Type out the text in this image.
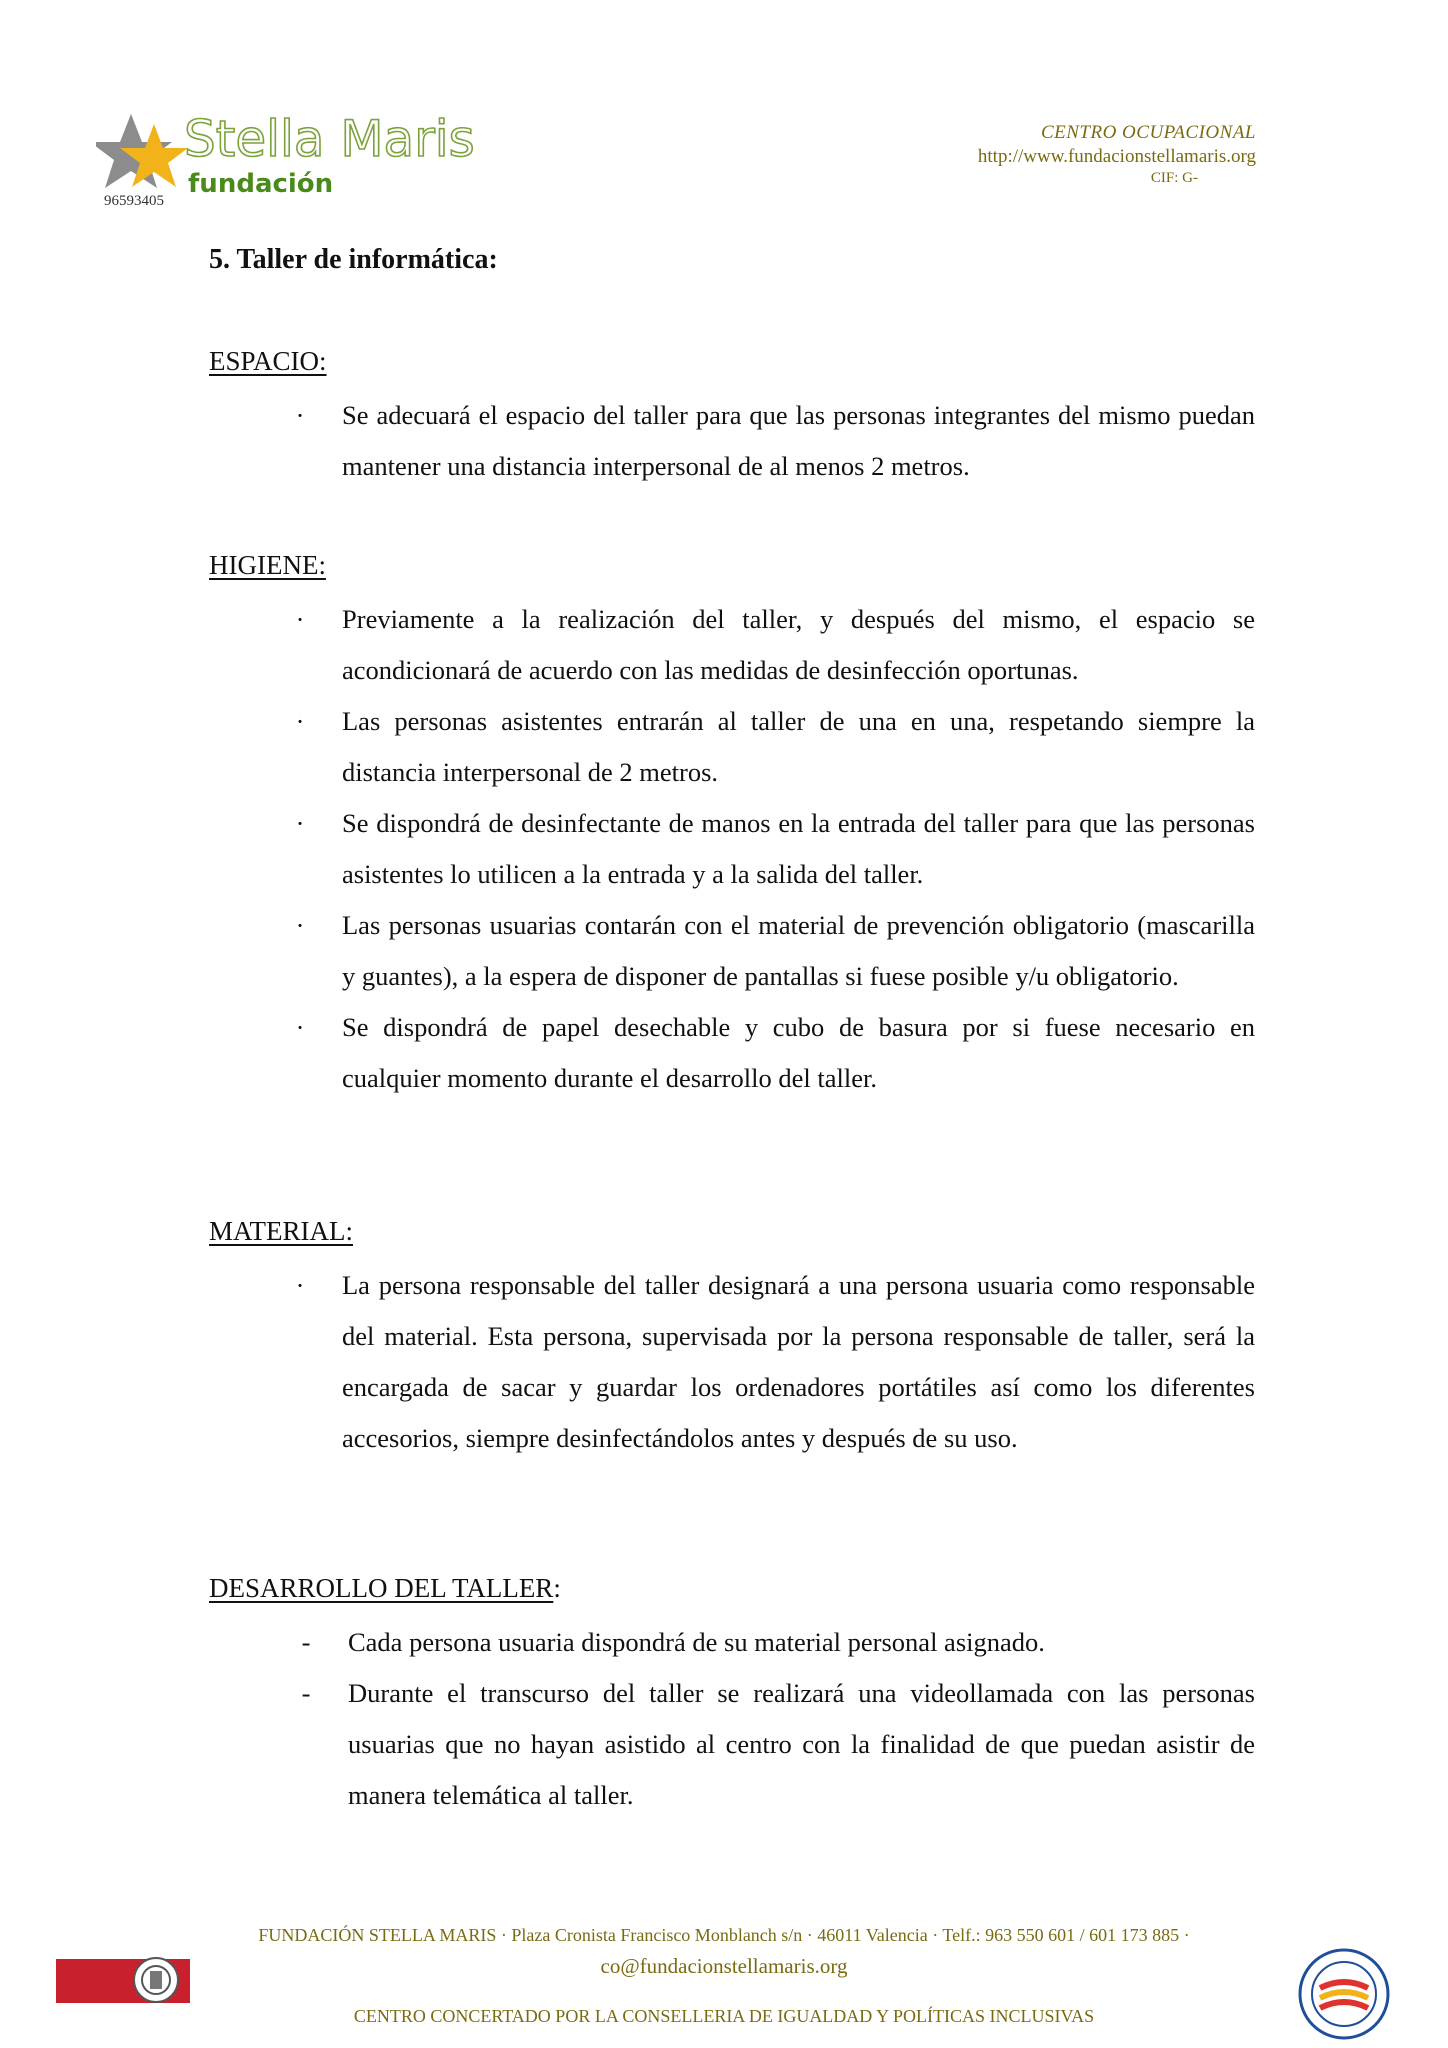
Stella Maris
fundación
96593405
CENTRO OCUPACIONAL
http://www.fundacionstellamaris.org
CIF: G-
5. Taller de informática:
ESPACIO:
· Se adecuará el espacio del taller para que las personas integrantes del mismo puedan mantener una distancia interpersonal de al menos 2 metros.
HIGIENE:
· Previamente a la realización del taller, y después del mismo, el espacio se acondicionará de acuerdo con las medidas de desinfección oportunas.
· Las personas asistentes entrarán al taller de una en una, respetando siempre la distancia interpersonal de 2 metros.
· Se dispondrá de desinfectante de manos en la entrada del taller para que las personas asistentes lo utilicen a la entrada y a la salida del taller.
· Las personas usuarias contarán con el material de prevención obligatorio (mascarilla y guantes), a la espera de disponer de pantallas si fuese posible y/u obligatorio.
· Se dispondrá de papel desechable y cubo de basura por si fuese necesario en cualquier momento durante el desarrollo del taller.
MATERIAL:
· La persona responsable del taller designará a una persona usuaria como responsable del material. Esta persona, supervisada por la persona responsable de taller, será la encargada de sacar y guardar los ordenadores portátiles así como los diferentes accesorios, siempre desinfectándolos antes y después de su uso.
DESARROLLO DEL TALLER:
- Cada persona usuaria dispondrá de su material personal asignado.
- Durante el transcurso del taller se realizará una videollamada con las personas usuarias que no hayan asistido al centro con la finalidad de que puedan asistir de manera telemática al taller.
FUNDACIÓN STELLA MARIS · Plaza Cronista Francisco Monblanch s/n · 46011 Valencia · Telf.: 963 550 601 / 601 173 885 ·
co@fundacionstellamaris.org
CENTRO CONCERTADO POR LA CONSELLERIA DE IGUALDAD Y POLÍTICAS INCLUSIVAS
